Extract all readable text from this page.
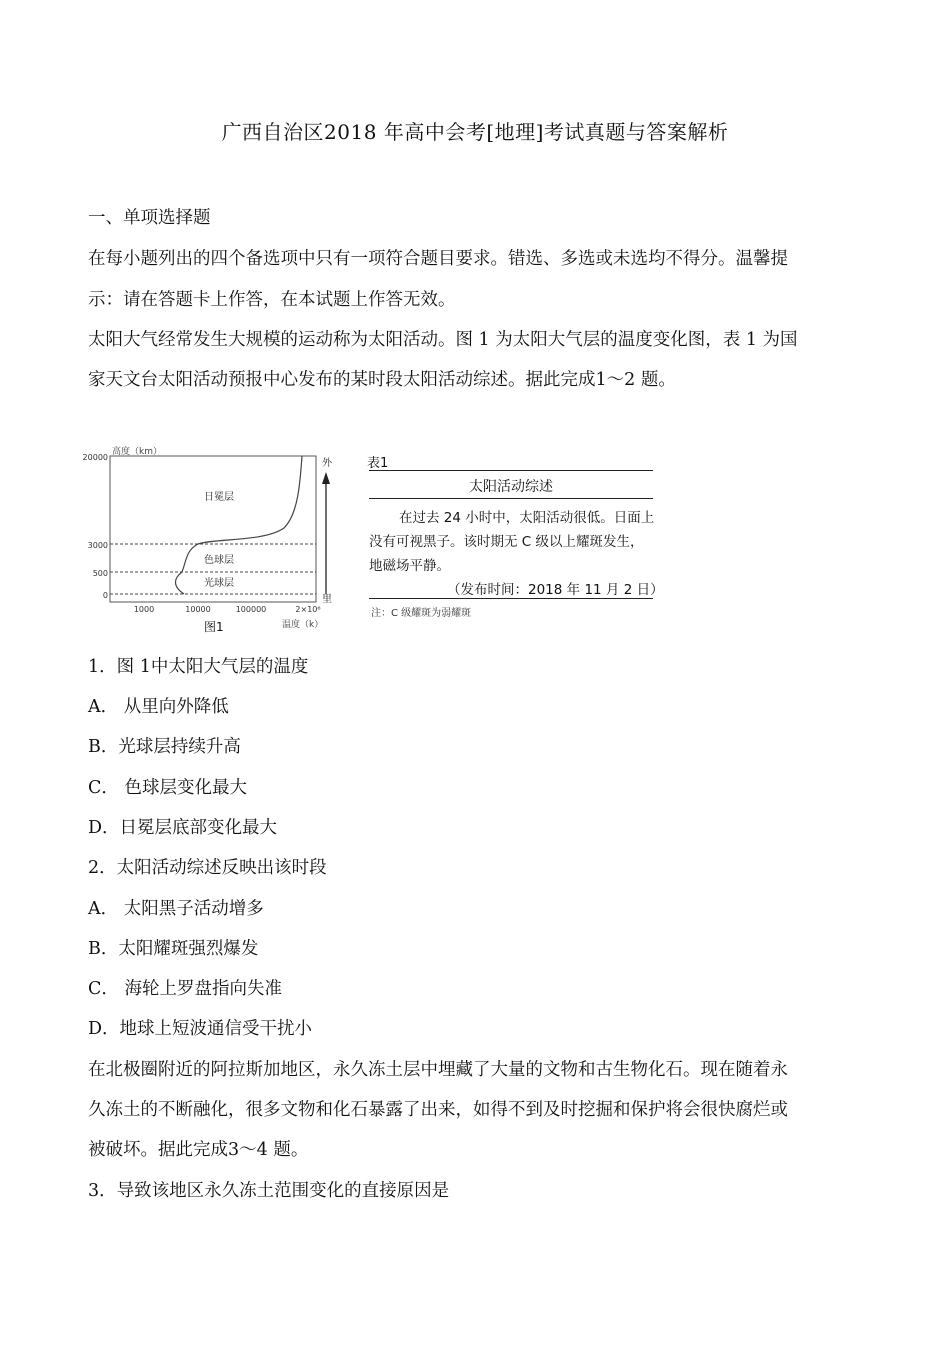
广西自治区2018 年高中会考[地理]考试真题与答案解析
一、单项选择题
在每小题列出的四个备选项中只有一项符合题目要求。错选、多选或未选均不得分。温馨提
示：请在答题卡上作答，在本试题上作答无效。
太阳大气经常发生大规模的运动称为太阳活动。图 1 为太阳大气层的温度变化图，表 1 为国
家天文台太阳活动预报中心发布的某时段太阳活动综述。据此完成1～2 题。
20000
3000
500
0
高度（km）
1000	10000	100000	2×10⁶
温度（k）
图1
日冕层
色球层
光球层
外
里
表1
太阳活动综述
在过去 24 小时中，太阳活动很低。日面上
没有可视黑子。该时期无 C 级以上耀斑发生，
地磁场平静。
（发布时间：2018 年 11 月 2 日）
注：C 级耀斑为弱耀斑
1．图 1中太阳大气层的温度
A． 从里向外降低
B．光球层持续升高
C． 色球层变化最大
D．日冕层底部变化最大
2．太阳活动综述反映出该时段
A． 太阳黑子活动增多
B．太阳耀斑强烈爆发
C． 海轮上罗盘指向失准
D．地球上短波通信受干扰小
在北极圈附近的阿拉斯加地区，永久冻土层中埋藏了大量的文物和古生物化石。现在随着永
久冻土的不断融化，很多文物和化石暴露了出来，如得不到及时挖掘和保护将会很快腐烂或
被破坏。据此完成3～4 题。
3．导致该地区永久冻土范围变化的直接原因是
